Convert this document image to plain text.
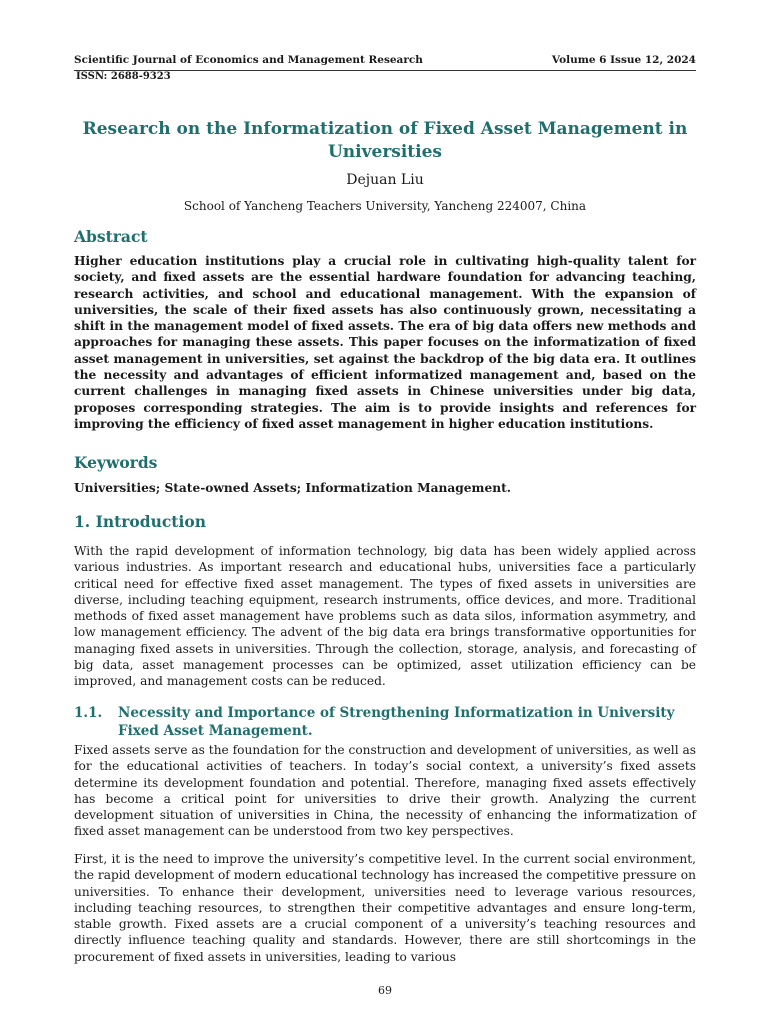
Scientific Journal of Economics and Management Research	Volume 6 Issue 12, 2024
ISSN: 2688-9323
Research on the Informatization of Fixed Asset Management in Universities
Dejuan Liu
School of Yancheng Teachers University, Yancheng 224007, China
Abstract
Higher education institutions play a crucial role in cultivating high-quality talent for society, and fixed assets are the essential hardware foundation for advancing teaching, research activities, and school and educational management. With the expansion of universities, the scale of their fixed assets has also continuously grown, necessitating a shift in the management model of fixed assets. The era of big data offers new methods and approaches for managing these assets. This paper focuses on the informatization of fixed asset management in universities, set against the backdrop of the big data era. It outlines the necessity and advantages of efficient informatized management and, based on the current challenges in managing fixed assets in Chinese universities under big data, proposes corresponding strategies. The aim is to provide insights and references for improving the efficiency of fixed asset management in higher education institutions.
Keywords
Universities; State-owned Assets; Informatization Management.
1. Introduction
With the rapid development of information technology, big data has been widely applied across various industries. As important research and educational hubs, universities face a particularly critical need for effective fixed asset management. The types of fixed assets in universities are diverse, including teaching equipment, research instruments, office devices, and more. Traditional methods of fixed asset management have problems such as data silos, information asymmetry, and low management efficiency. The advent of the big data era brings transformative opportunities for managing fixed assets in universities. Through the collection, storage, analysis, and forecasting of big data, asset management processes can be optimized, asset utilization efficiency can be improved, and management costs can be reduced.
1.1. Necessity and Importance of Strengthening Informatization in University Fixed Asset Management.
Fixed assets serve as the foundation for the construction and development of universities, as well as for the educational activities of teachers. In today’s social context, a university’s fixed assets determine its development foundation and potential. Therefore, managing fixed assets effectively has become a critical point for universities to drive their growth. Analyzing the current development situation of universities in China, the necessity of enhancing the informatization of fixed asset management can be understood from two key perspectives.
First, it is the need to improve the university’s competitive level. In the current social environment, the rapid development of modern educational technology has increased the competitive pressure on universities. To enhance their development, universities need to leverage various resources, including teaching resources, to strengthen their competitive advantages and ensure long-term, stable growth. Fixed assets are a crucial component of a university’s teaching resources and directly influence teaching quality and standards. However, there are still shortcomings in the procurement of fixed assets in universities, leading to various
69
